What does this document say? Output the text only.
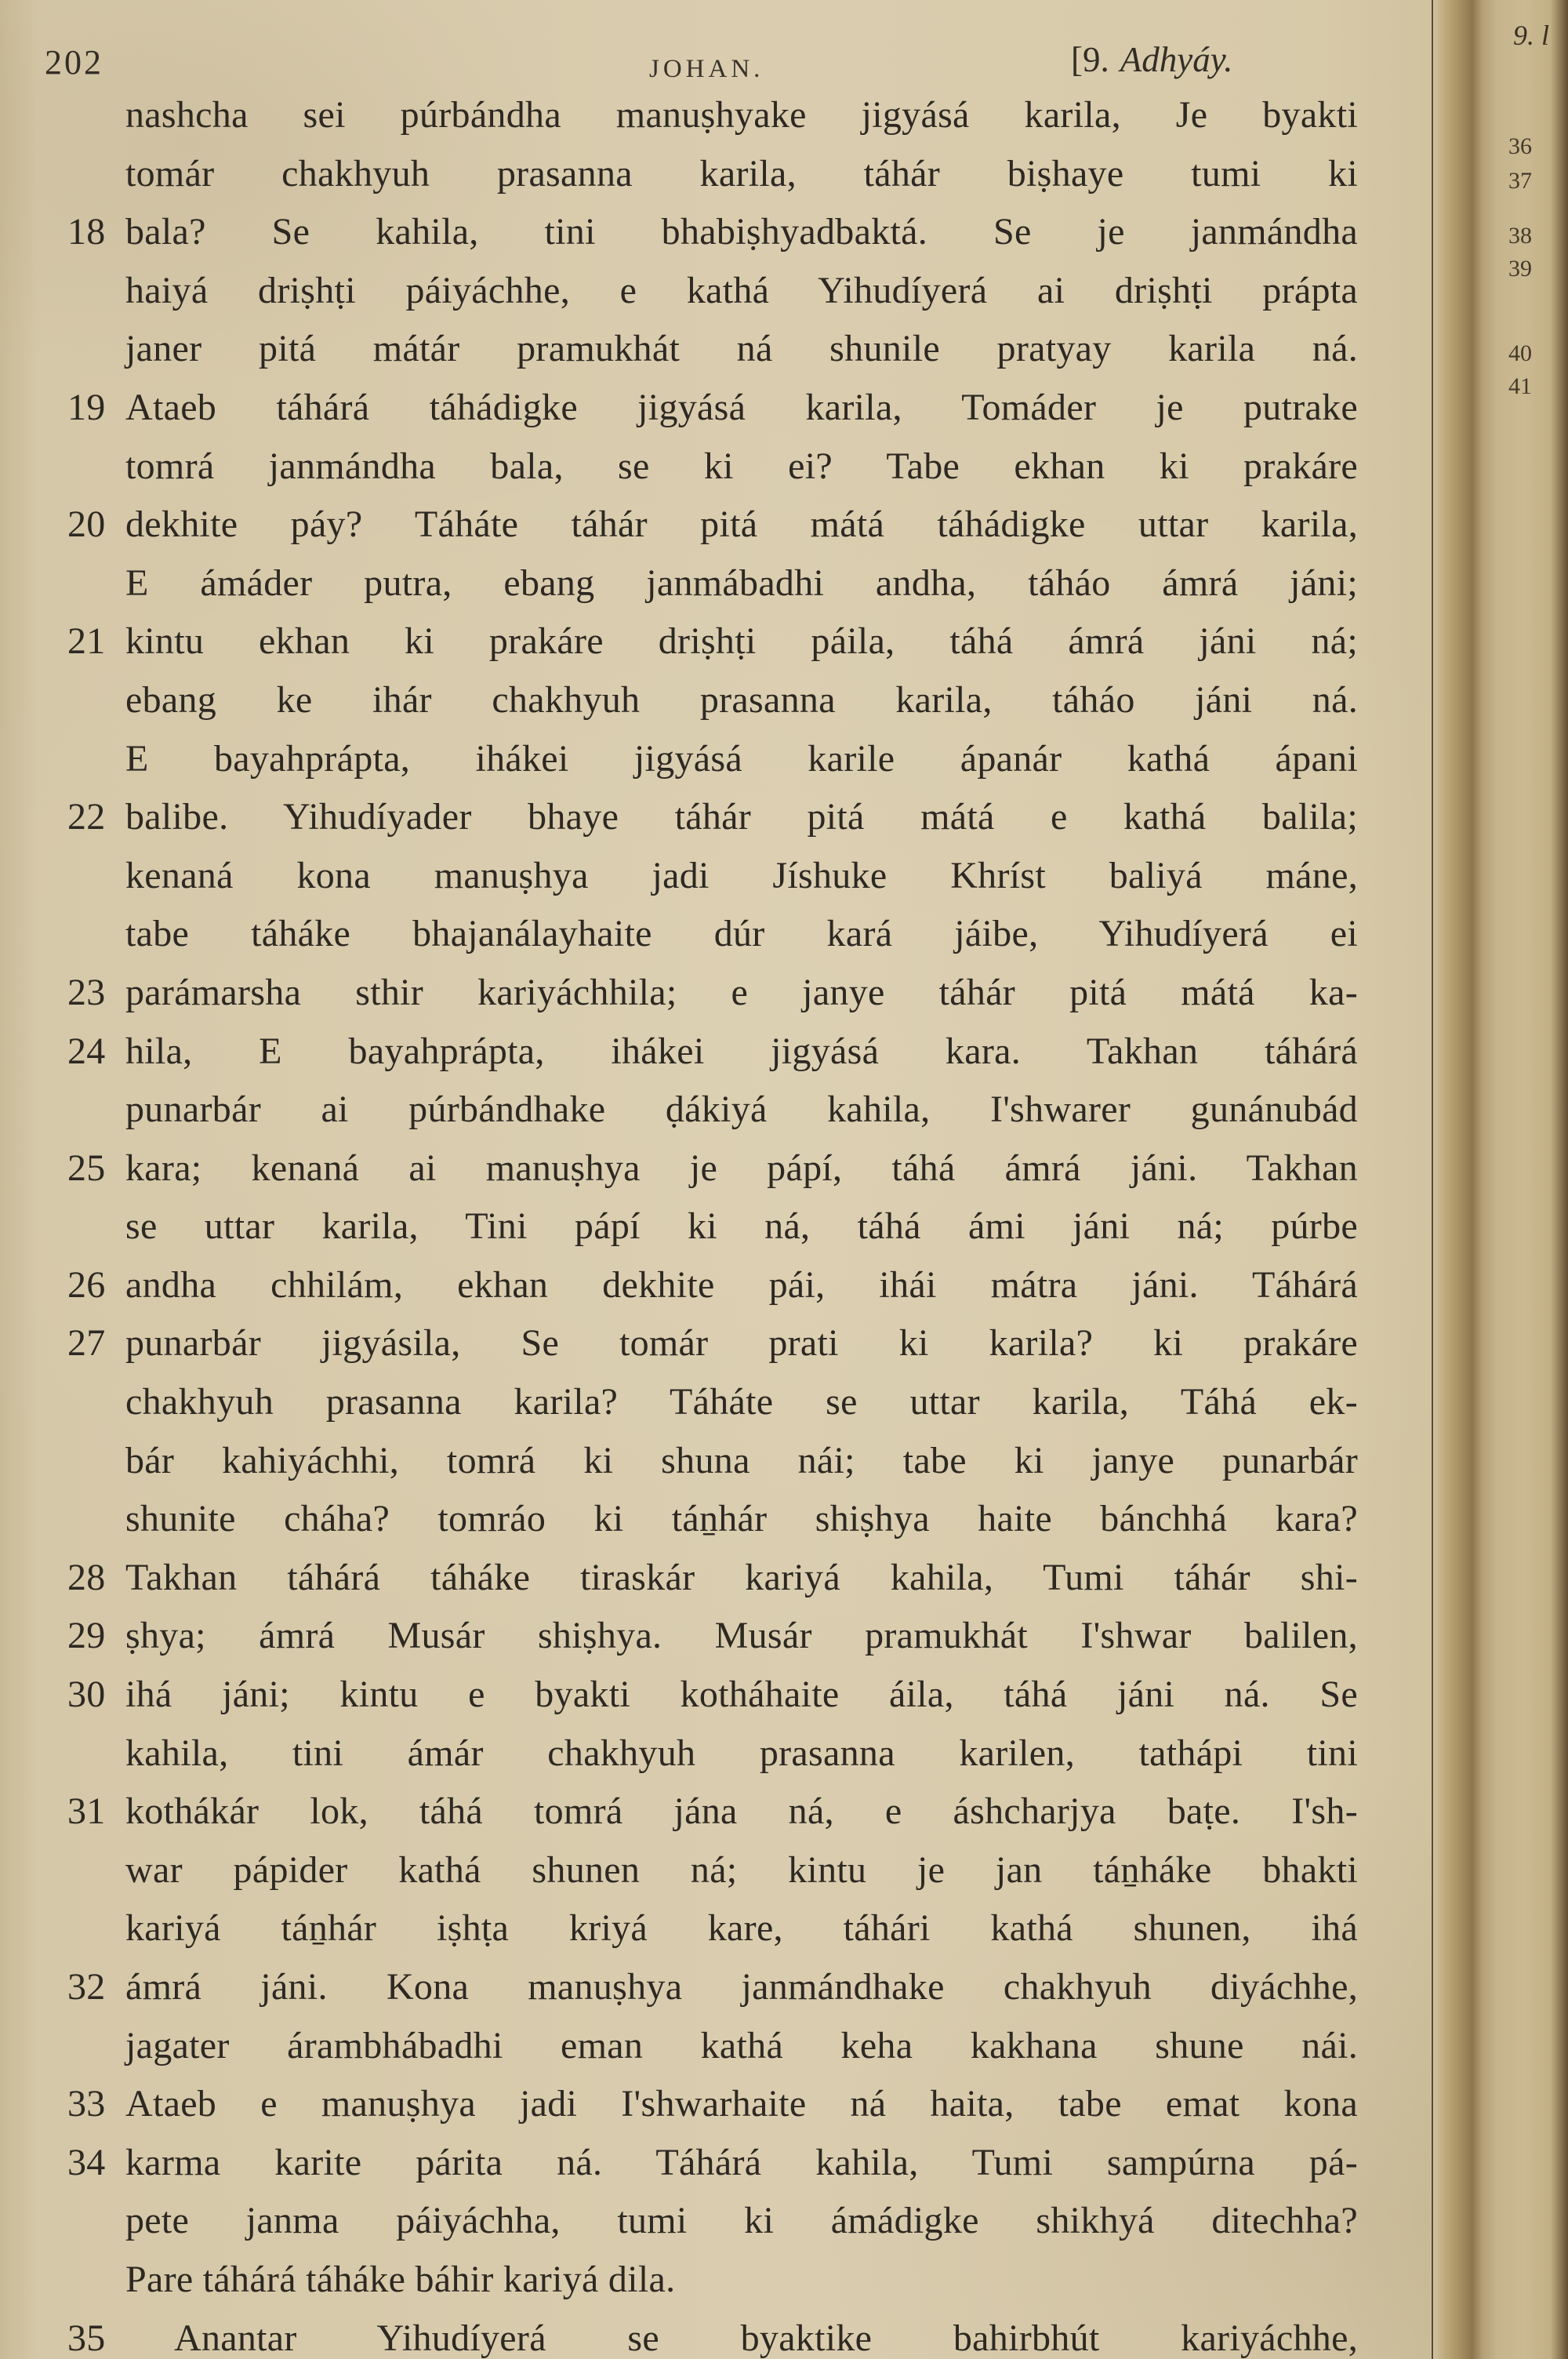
202	JOHAN.	[9. Adhyáy.
nashcha sei púrbándha manuṣhyake jigyásá karila, Je byakti
tomár chakhyuh prasanna karila, táhár biṣhaye tumi ki
18 bala? Se kahila, tini bhabiṣhyadbaktá. Se je janmándha
haiyá driṣhṭi páiyáchhe, e kathá Yihudíyerá ai driṣhṭi prápta
janer pitá mátár pramukhát ná shunile pratyay karila ná.
19 Ataeb táhárá táhádigke jigyásá karila, Tomáder je putrake
tomrá janmándha bala, se ki ei? Tabe ekhan ki prakáre
20 dekhite páy? Táháte táhár pitá mátá táhádigke uttar karila,
E ámáder putra, ebang janmábadhi andha, táháo ámrá jáni;
21 kintu ekhan ki prakáre driṣhṭi páila, táhá ámrá jáni ná;
ebang ke ihár chakhyuh prasanna karila, táháo jáni ná.
E bayahprápta, ihákei jigyásá karile ápanár kathá ápani
22 balibe. Yihudíyader bhaye táhár pitá mátá e kathá balila;
kenaná kona manuṣhya jadi Jíshuke Khríst baliyá máne,
tabe táháke bhajanálayhaite dúr kará jáibe, Yihudíyerá ei
23 parámarsha sthir kariyáchhila; e janye táhár pitá mátá ka-
24 hila, E bayahprápta, ihákei jigyásá kara. Takhan táhárá
punarbár ai púrbándhake ḍákiyá kahila, I'shwarer gunánubád
25 kara; kenaná ai manuṣhya je pápí, táhá ámrá jáni. Takhan
se uttar karila, Tini pápí ki ná, táhá ámi jáni ná; púrbe
26 andha chhilám, ekhan dekhite pái, ihái mátra jáni. Táhárá
27 punarbár jigyásila, Se tomár prati ki karila? ki prakáre
chakhyuh prasanna karila? Táháte se uttar karila, Táhá ek-
bár kahiyáchhi, tomrá ki shuna nái; tabe ki janye punarbár
shunite cháha? tomráo ki táṉhár shiṣhya haite bánchhá kara?
28 Takhan táhárá táháke tiraskár kariyá kahila, Tumi táhár shi-
29 ṣhya; ámrá Musár shiṣhya. Musár pramukhát I'shwar balilen,
30 ihá jáni; kintu e byakti kotháhaite áila, táhá jáni ná. Se
kahila, tini ámár chakhyuh prasanna karilen, tathápi tini
31 kothákár lok, táhá tomrá jána ná, e áshcharjya baṭe. I'sh-
war pápider kathá shunen ná; kintu je jan táṉháke bhakti
kariyá táṉhár iṣhṭa kriyá kare, táhári kathá shunen, ihá
32 ámrá jáni. Kona manuṣhya janmándhake chakhyuh diyáchhe,
jagater árambhábadhi eman kathá keha kakhana shune nái.
33 Ataeb e manuṣhya jadi I'shwarhaite ná haita, tabe emat kona
34 karma karite párita ná. Táhárá kahila, Tumi sampúrna pá-
pete janma páiyáchha, tumi ki ámádigke shikhyá ditechha?
Pare táhárá táháke báhir kariyá dila.
35	Anantar Yihudíyerá se byaktike bahirbhút kariyáchhe,
9. l
36
37
38
39
40
41
